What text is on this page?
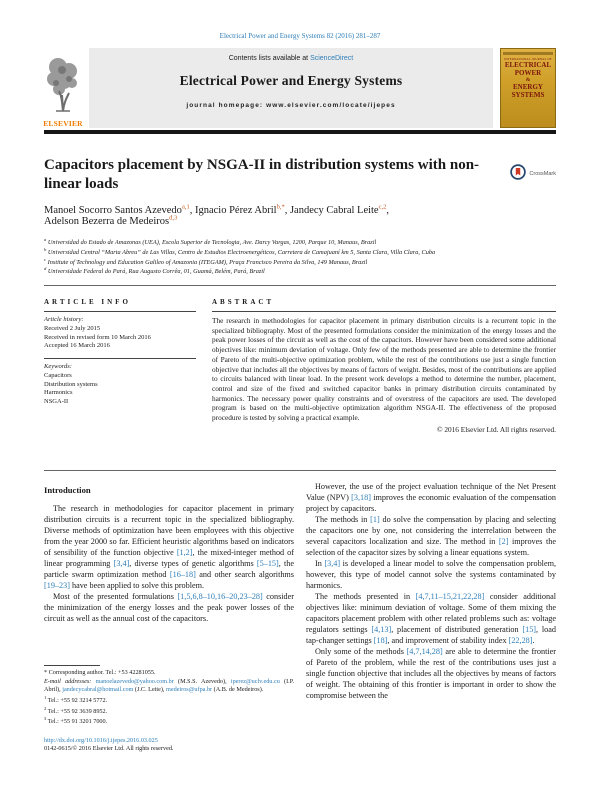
Electrical Power and Energy Systems 82 (2016) 281–287
ELSEVIER
Contents lists available at ScienceDirect
Electrical Power and Energy Systems
journal homepage: www.elsevier.com/locate/ijepes
INTERNATIONAL JOURNAL OF
ELECTRICAL
POWER
&
ENERGY
SYSTEMS
Capacitors placement by NSGA-II in distribution systems with non-linear loads
CrossMark

Manoel Socorro Santos Azevedo$^{a,1}$, Ignacio Pérez Abril$^{b,*}$, Jandecy Cabral Leite$^{c,2}$,
Adelson Bezerra de Medeiros$^{d,3}$

$^a$ Universidad do Estado de Amazonas (UEA), Escola Superior de Tecnologia, Ave. Darcy Vargas, 1200, Parque 10, Manaus, Brazil
$^b$ Universidad Central “Marta Abreu” de Las Villas, Centro de Estudios Electroenergéticos, Carretera de Camajuaní km 5, Santa Clara, Villa Clara, Cuba
$^c$ Institute of Technology and Education Galileo of Amazonia (ITEGAM), Praça Francisco Pereira da Silva, 149 Manaus, Brazil
$^d$ Universidade Federal do Pará, Rua Augusto Corrêa, 01, Guamá, Belém, Pará, Brazil
ARTICLE INFO
Article history:
Received 2 July 2015
Received in revised form 10 March 2016
Accepted 16 March 2016
Keywords:
Capacitors
Distribution systems
Harmonics
NSGA-II
ABSTRACT
The research in methodologies for capacitor placement in primary distribution circuits is a recurrent topic in the specialized bibliography. Most of the presented formulations consider the minimization of the energy losses and the peak power losses of the circuit as well as the cost of the capacitors. However have been considered some additional objectives like: minimum deviation of voltage. Only few of the methods presented are able to determine the frontier of Pareto of the multi-objective optimization problem, while the rest of the contributions use just a single function objective that includes all the objectives by means of factors of weight. Besides, most of the contributions are applied to circuits balanced with linear load. In the present work develops a method to determine the number, placement, control and size of the fixed and switched capacitor banks in primary distribution circuits contaminated by harmonics. The necessary power quality constraints and of overstress of the capacitors are used. The developed program is based on the multi-objective optimization algorithm NSGA-II. The effectiveness of the proposed procedure is tested by solving a practical example.
© 2016 Elsevier Ltd. All rights reserved.
Introduction

The research in methodologies for capacitor placement in primary distribution circuits is a recurrent topic in the specialized bibliography. Diverse methods of optimization have been employees with this objective from the year 2000 so far. Efficient heuristic algorithms based on indicators of sensibility of the function objective [1,2], the mixed-integer method of linear programming [3,4], diverse types of genetic algorithms [5–15], the particle swarm optimization method [16–18] and other search algorithms [19–23] have been applied to solve this problem.

Most of the presented formulations [1,5,6,8–10,16–20,23–28] consider the minimization of the energy losses and the peak power losses of the circuit as well as the annual cost of the capacitors.

* Corresponding author. Tel.: +53 42281055.
E-mail addresses: manoelazevedo@yahoo.com.br (M.S.S. Azevedo), iperez@uclv.edu.cu (I.P. Abril), jandecycabral@hotmail.com (J.C. Leite), medeiros@ufpa.br (A.B. de Medeiros).
$^1$ Tel.: +55 92 3214 5772.
$^2$ Tel.: +55 92 3639 8952.
$^3$ Tel.: +55 91 3201 7000.
http://dx.doi.org/10.1016/j.ijepes.2016.03.025
0142-0615/© 2016 Elsevier Ltd. All rights reserved.

However, the use of the project evaluation technique of the Net Present Value (NPV) [3,18] improves the economic evaluation of the compensation project by capacitors.

The methods in [1] do solve the compensation by placing and selecting the capacitors one by one, not considering the interrelation between the several capacitors localization and size. The method in [2] improves the selection of the capacitor sizes by solving a linear equations system.

In [3,4] is developed a linear model to solve the compensation problem, however, this type of model cannot solve the systems contaminated by harmonics.

The methods presented in [4,7,11–15,21,22,28] consider additional objectives like: minimum deviation of voltage. Some of them mixing the capacitors placement problem with other related problems such as: voltage regulators settings [4,13], placement of distributed generation [15], load tap-changer settings [18], and improvement of stability index [22,28].

Only some of the methods [4,7,14,28] are able to determine the frontier of Pareto of the problem, while the rest of the contributions uses just a single function objective that includes all the objectives by means of factors of weight. The obtaining of this frontier is important in order to show the compromise between the
